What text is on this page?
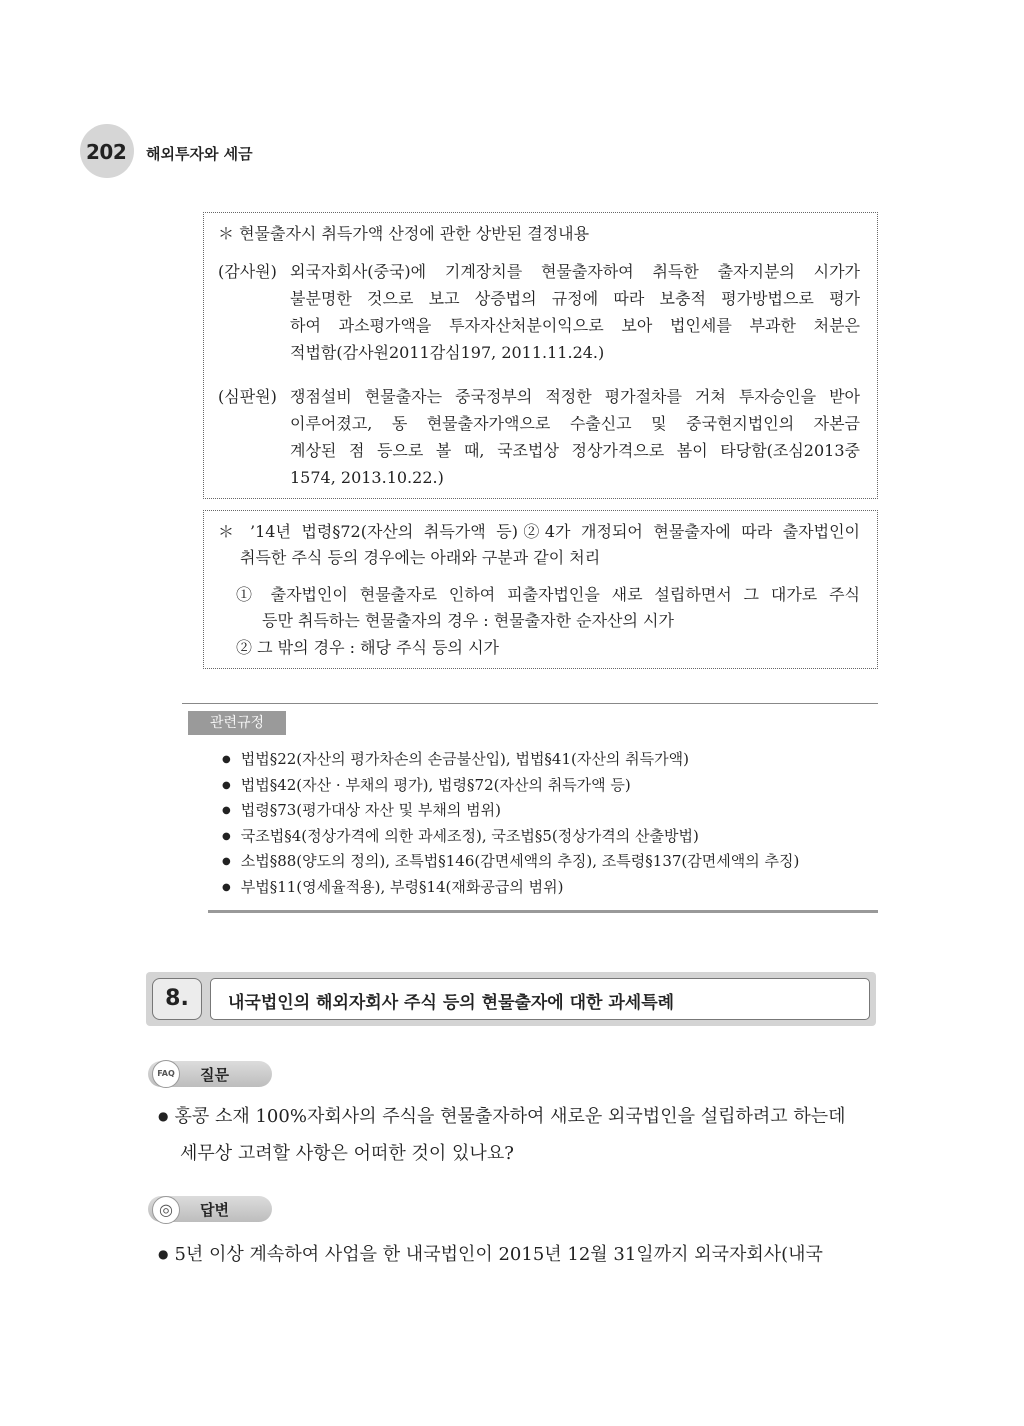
202 해외투자와 세금
＊ 현물출자시 취득가액 산정에 관한 상반된 결정내용
(감사원) 외국자회사(중국)에 기계장치를 현물출자하여 취득한 출자지분의 시가가
불분명한 것으로 보고 상증법의 규정에 따라 보충적 평가방법으로 평가
하여 과소평가액을 투자자산처분이익으로 보아 법인세를 부과한 처분은
적법함(감사원2011감심197, 2011.11.24.)
(심판원) 쟁점설비 현물출자는 중국정부의 적정한 평가절차를 거쳐 투자승인을 받아
이루어졌고, 동 현물출자가액으로 수출신고 및 중국현지법인의 자본금
계상된 점 등으로 볼 때, 국조법상 정상가격으로 봄이 타당함(조심2013중
1574, 2013.10.22.)
＊ ’14년 법령§72(자산의 취득가액 등)②4가 개정되어 현물출자에 따라 출자법인이
취득한 주식 등의 경우에는 아래와 구분과 같이 처리
① 출자법인이 현물출자로 인하여 피출자법인을 새로 설립하면서 그 대가로 주식
등만 취득하는 현물출자의 경우 : 현물출자한 순자산의 시가
② 그 밖의 경우 : 해당 주식 등의 시가
관련규정
● 법법§22(자산의 평가차손의 손금불산입), 법법§41(자산의 취득가액)
● 법법§42(자산 · 부채의 평가), 법령§72(자산의 취득가액 등)
● 법령§73(평가대상 자산 및 부채의 범위)
● 국조법§4(정상가격에 의한 과세조정), 국조법§5(정상가격의 산출방법)
● 소법§88(양도의 정의), 조특법§146(감면세액의 추징), 조특령§137(감면세액의 추징)
● 부법§11(영세율적용), 부령§14(재화공급의 범위)
8.	내국법인의 해외자회사 주식 등의 현물출자에 대한 과세특례
FAQ	질문
● 홍콩 소재 100%자회사의 주식을 현물출자하여 새로운 외국법인을 설립하려고 하는데
세무상 고려할 사항은 어떠한 것이 있나요?
◎	답변
● 5년 이상 계속하여 사업을 한 내국법인이 2015년 12월 31일까지 외국자회사(내국
